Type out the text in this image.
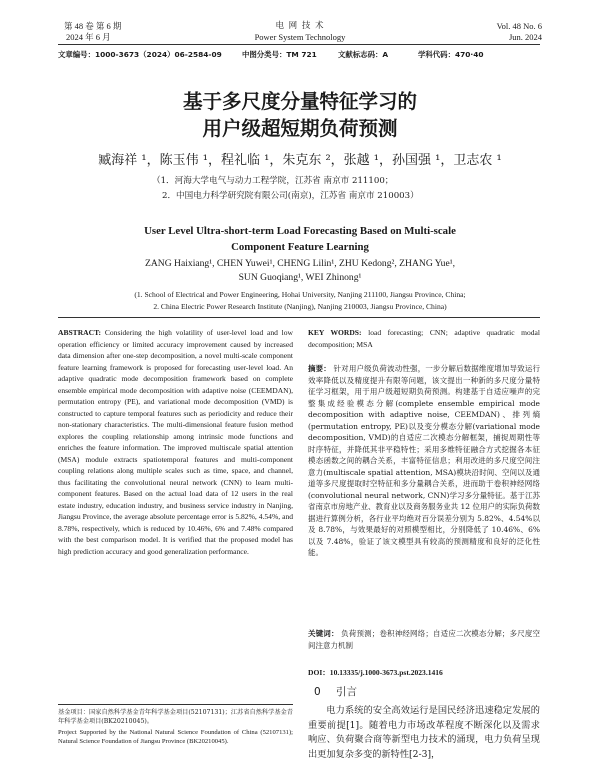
第 48 卷 第 6 期
2024 年 6 月
电 网 技 术
Power System Technology
Vol. 48 No. 6
Jun. 2024
文章编号：1000-3673（2024）06-2584-09	中图分类号：TM 721	文献标志码：A	学科代码：470·40
基于多尺度分量特征学习的
用户级超短期负荷预测
臧海祥 ¹，陈玉伟 ¹，程礼临 ¹，朱克东 ²，张越 ¹，孙国强 ¹，卫志农 ¹
（1．河海大学电气与动力工程学院，江苏省 南京市 211100；
2．中国电力科学研究院有限公司(南京)，江苏省 南京市 210003）
User Level Ultra-short-term Load Forecasting Based on Multi-scale
Component Feature Learning
ZANG Haixiang¹, CHEN Yuwei¹, CHENG Lilin¹, ZHU Kedong², ZHANG Yue¹,
SUN Guoqiang¹, WEI Zhinong¹
(1. School of Electrical and Power Engineering, Hohai University, Nanjing 211100, Jiangsu Province, China;
2. China Electric Power Research Institute (Nanjing), Nanjing 210003, Jiangsu Province, China)
ABSTRACT: Considering the high volatility of user-level load and low operation efficiency or limited accuracy improvement caused by increased data dimension after one-step decomposition, a novel multi-scale component feature learning framework is proposed for forecasting user-level load. An adaptive quadratic mode decomposition framework based on complete ensemble empirical mode decomposition with adaptive noise (CEEMDAN), permutation entropy (PE), and variational mode decomposition (VMD) is constructed to capture temporal features such as periodicity and reduce their non-stationary characteristics. The multi-dimensional feature fusion method explores the coupling relationship among intrinsic mode functions and enriches the feature information. The improved multiscale spatial attention (MSA) module extracts spatiotemporal features and multi-component coupling relations along multiple scales such as time, space, and channel, thus facilitating the convolutional neural network (CNN) to learn multi-component features. Based on the actual load data of 12 users in the real estate industry, education industry, and business service industry in Nanjing, Jiangsu Province, the average absolute percentage error is 5.82%, 4.54%, and 8.78%, respectively, which is reduced by 10.46%, 6% and 7.48% compared with the best comparison model. It is verified that the proposed model has high prediction accuracy and good generalization performance.
基金项目：国家自然科学基金青年科学基金项目(52107131)；江苏省自然科学基金青年科学基金项目(BK20210045)。
Project Supported by the National Natural Science Foundation of China (52107131); Natural Science Foundation of Jiangsu Province (BK20210045).
KEY WORDS: load forecasting; CNN; adaptive quadratic modal decomposition; MSA
摘要： 针对用户级负荷波动性强，一步分解后数据维度增加导致运行效率降低以及精度提升有限等问题，该文提出一种新的多尺度分量特征学习框架，用于用户级超短期负荷预测。构建基于自适应噪声的完整集成经验模态分解(complete ensemble empirical mode decomposition with adaptive noise, CEEMDAN)、排列熵(permutation entropy, PE)以及变分模态分解(variational mode decomposition, VMD)的自适应二次模态分解框架，捕捉周期性等时序特征，并降低其非平稳特性；采用多维特征融合方式挖掘各本征模态函数之间的耦合关系，丰富特征信息；利用改进的多尺度空间注意力(multiscale spatial attention, MSA)模块沿时间、空间以及通道等多尺度提取时空特征和多分量耦合关系，进而助于卷积神经网络(convolutional neural network, CNN)学习多分量特征。基于江苏省南京市房地产业、教育业以及商务服务业共 12 位用户的实际负荷数据进行算例分析，各行业平均绝对百分误差分别为 5.82%、4.54%以及 8.78%，与效果最好的对照模型相比，分别降低了 10.46%、6%以及 7.48%，验证了该文模型具有较高的预测精度和良好的泛化性能。
关键词： 负荷预测；卷积神经网络；自适应二次模态分解；多尺度空间注意力机制
DOI：10.13335/j.1000-3673.pst.2023.1416
0 引言
电力系统的安全高效运行是国民经济迅速稳定发展的重要前提[1]。随着电力市场改革程度不断深化以及需求响应、负荷聚合商等新型电力技术的涌现，电力负荷呈现出更加复杂多变的新特性[2-3]，
